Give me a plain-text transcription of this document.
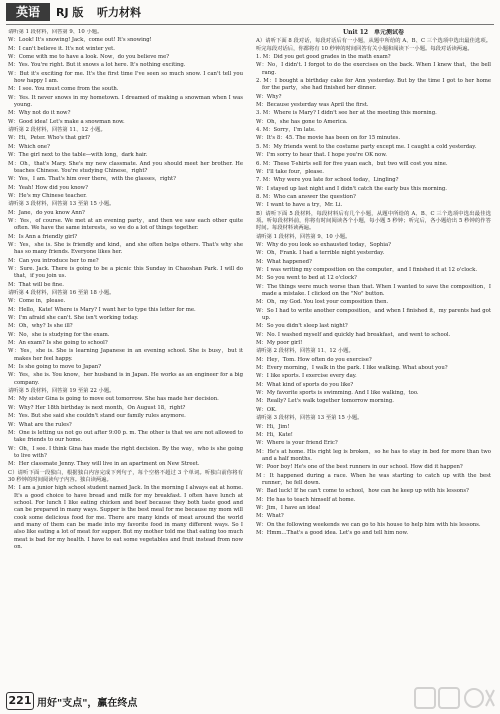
英语	RJ 版 听力材料

请听第 1 段材料，回答第 9、10 小题。

W：Look! It's snowing! Jack，come out! It's snowing!

M：I can't believe it. It's not winter yet.

W：Come with me to have a look. Now，do you believe me?

M：Yes. You're right. But it snows a lot here. It's nothing exciting.

W：But it's exciting for me. It's the first time I've seen so much snow. I can't tell you how happy I am.

M：I see. You must come from the south.

W：Yes. It never snows in my hometown. I dreamed of making a snowman when I was young.

M：Why not do it now?

W：Good idea! Let's make a snowman now.

请听第 2 段材料，回答第 11、12 小题。

W：Hi，Peter. Who's that girl?

M：Which one?

W：The girl next to the table—with long，dark hair.

M：Oh，that's Mary. She's my new classmate. And you should meet her brother. He teaches Chinese. You're studying Chinese，right?

W：Yes，I am. That's him over there，with the glasses，right?

M：Yeah! How did you know?

W：He's my Chinese teacher.

请听第 3 段材料，回答第 13 至第 15 小题。

M：Jane，do you know Ann?

W：Yes，of course. We met at an evening party，and then we saw each other quite often. We have the same interests，so we do a lot of things together.

M：Is Ann a friendly girl?

W：Yes，she is. She is friendly and kind，and she often helps others. That's why she has so many friends. Everyone likes her.

M：Can you introduce her to me?

W：Sure. Jack. There is going to be a picnic this Sunday in Chaoshan Park. I will do that，if you join us.

M：That will be fine.

请听第 4 段材料，回答第 16 至第 18 小题。

W：Come in，please.

M：Hello，Kate! Where is Mary? I want her to type this letter for me.

W：I'm afraid she can't. She isn't working today.

M：Oh，why? Is she ill?

W：No，she is studying for the exam.

M：An exam? Is she going to school?

W：Yes，she is. She is learning Japanese in an evening school. She is busy，but it makes her feel happy.

M：Is she going to move to Japan?

W：Yes，she is. You know，her husband is in Japan. He works as an engineer for a big company.

请听第 5 段材料，回答第 19 至第 22 小题。

M：My sister Gina is going to move out tomorrow. She has made her decision.

W：Why? Her 18th birthday is next month，On August 18，right?

M：Yes. But she said she couldn't stand our family rules anymore.

W：What are the rules?

M：One is letting us not go out after 9:00 p. m. The other is that we are not allowed to take friends to our home.

W：Oh，I see. I think Gina has made the right decision. By the way，who is she going to live with?

M：Her classmate Jenny. They will live in an apartment on New Street.

C）请听下面一段独白，根据独白内容完成下列句子，每个空格不超过 3 个单词。听独白前你将有 30 秒钟的时间阅读句子内容。独白读两遍。

M：I am a junior high school student named Jack. In the morning I always eat at home. It's a good choice to have bread and milk for my breakfast. I often have lunch at school. For lunch I like eating chicken and beef because they both taste good and can be prepared in many ways. Supper is the best meal for me because my mom will cook some delicious food for me. There are many kinds of meat around the world and many of them can be made into my favorite food in many different ways. So I also like eating a lot of meat for supper. But my mother told me that eating too much meat is bad for my health. I have to eat some vegetables and fruit instead from now on.

Unit 12　单元测试卷

A）请听下面 8 段对话，每段对话后有一小题，从题中所给的 A、B、C 三个选项中选出最佳选项。听完每段对话后，你都将有 10 秒钟的时间回答有关小题和阅读下一小题。每段对话读两遍。

1. M：Did you get good grades in the math exam?

W：No，I didn't. I forgot to do the exercises on the back. When I knew that，the bell rang.

2. M：I bought a birthday cake for Ann yesterday. But by the time I got to her home for the party，she had finished her dinner.

W：Why?

M：Because yesterday was April the first.

3. M：Where is Mary? I didn't see her at the meeting this morning.

W：Oh，she has gone to America.

4. M：Sorry，I'm late.

W：It's 8：45. The movie has been on for 15 minutes.

5. M：My friends went to the costume party except me. I caught a cold yesterday.

W：I'm sorry to hear that. I hope you're OK now.

6. M：These T-shirts sell for five yuan each，but two will cost you nine.

W：I'll take four，please.

7. M：Why were you late for school today，Lingling?

W：I stayed up last night and I didn't catch the early bus this morning.

8. M：Who can answer the question?

W：I want to have a try，Mr. Li.

B）请听下面 5 段材料，每段材料后有几个小题，从题中所给的 A、B、C 三个选项中选出最佳选项。听每段材料前，你将有时间阅读各个小题，每小题 5 秒钟；听完后，各小题给出 5 秒钟的作答时间。每段材料读两遍。

请听第 1 段材料，回答第 9、10 小题。

W：Why do you look so exhausted today，Sophia?

W：Oh，Frank. I had a terrible night yesterday.

M：What happened?

W：I was writing my composition on the computer，and I finished it at 12 o'clock.

M：So you went to bed at 12 o'clock?

W：The things were much worse than that. When I wanted to save the composition，I made a mistake. I clicked on the "No" button.

M：Oh，my God. You lost your composition then.

W：So I had to write another composition，and when I finished it，my parents had got up.

M：So you didn't sleep last night?

W：No. I washed myself and quickly had breakfast，and went to school.

M：My poor girl!

请听第 2 段材料，回答第 11、12 小题。

M：Hey，Tom. How often do you exercise?

M：Every morning，I walk in the park. I like walking. What about you?

W：I like sports. I exercise every day.

M：What kind of sports do you like?

W：My favorite sports is swimming. And I like walking，too.

M：Really? Let's walk together tomorrow morning.

W：OK.

请听第 3 段材料，回答第 13 至第 15 小题。

W：Hi，Jim!

M：Hi，Kate!

W：Where is your friend Eric?

M：He's at home. His right leg is broken，so he has to stay in bed for more than two and a half months.

W：Poor boy! He's one of the best runners in our school. How did it happen?

M：It happened during a race. When he was starting to catch up with the best runner，he fell down.

W：Bad luck! If he can't come to school，how can he keep up with his lessons?

M：He has to teach himself at home.

W：Jim，I have an idea!

M：What?

W：On the following weekends we can go to his house to help him with his lessons.

M：Hmm…That's a good idea. Let's go and tell him now.

221 用好"支点"，赢在终点
